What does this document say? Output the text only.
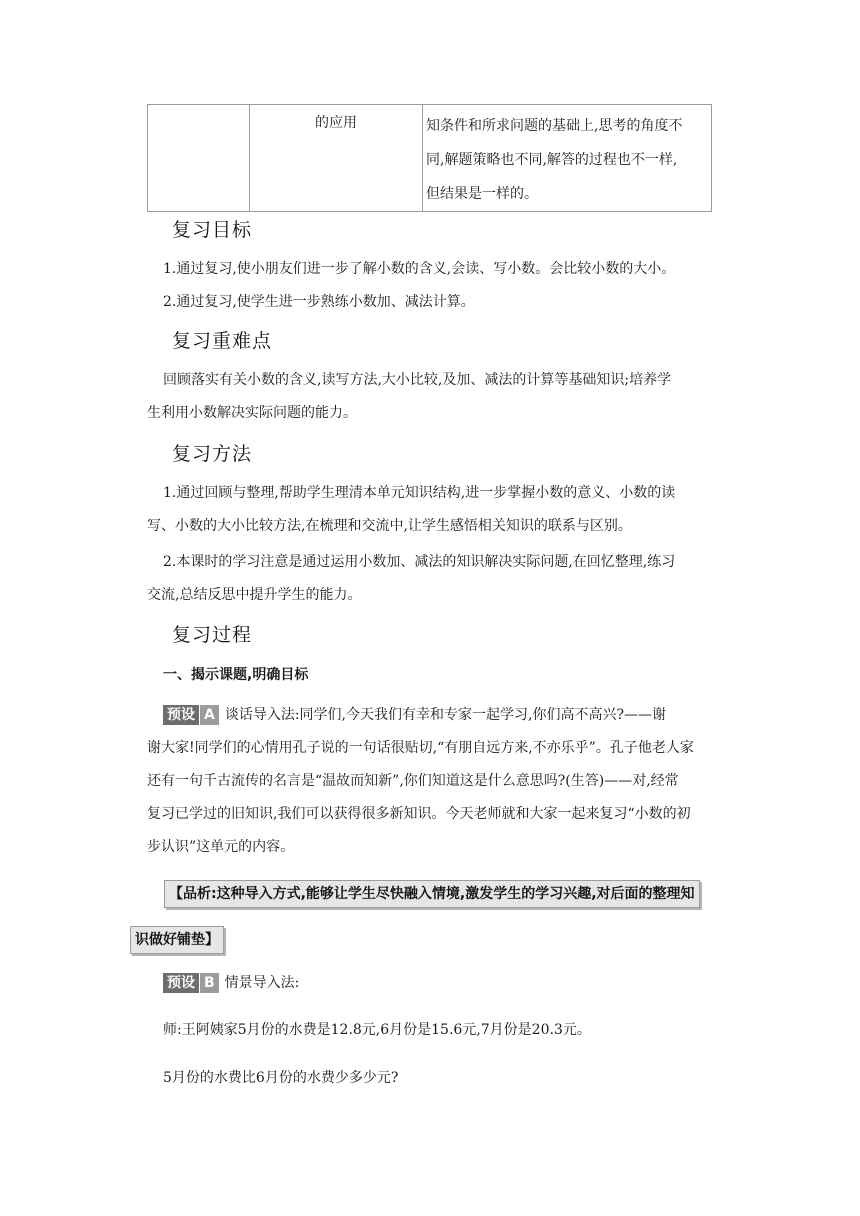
	的应用	知条件和所求问题的基础上,思考的角度不
同,解题策略也不同,解答的过程也不一样,
但结果是一样的。
复习目标
1.通过复习,使小朋友们进一步了解小数的含义,会读、写小数。会比较小数的大小。
2.通过复习,使学生进一步熟练小数加、减法计算。
复习重难点
回顾落实有关小数的含义,读写方法,大小比较,及加、减法的计算等基础知识;培养学
生利用小数解决实际问题的能力。
复习方法
1.通过回顾与整理,帮助学生理清本单元知识结构,进一步掌握小数的意义、小数的读
写、小数的大小比较方法,在梳理和交流中,让学生感悟相关知识的联系与区别。
2.本课时的学习注意是通过运用小数加、减法的知识解决实际问题,在回忆整理,练习
交流,总结反思中提升学生的能力。
复习过程
一、揭示课题,明确目标
预设 A 谈话导入法:同学们,今天我们有幸和专家一起学习,你们高不高兴?——谢
谢大家!同学们的心情用孔子说的一句话很贴切,“有朋自远方来,不亦乐乎”。孔子他老人家
还有一句千古流传的名言是“温故而知新”,你们知道这是什么意思吗?(生答)——对,经常
复习已学过的旧知识,我们可以获得很多新知识。今天老师就和大家一起来复习“小数的初
步认识”这单元的内容。
【品析:这种导入方式,能够让学生尽快融入情境,激发学生的学习兴趣,对后面的整理知
识做好铺垫】
预设 B 情景导入法:
师:王阿姨家5月份的水费是12.8元,6月份是15.6元,7月份是20.3元。
5月份的水费比6月份的水费少多少元?
